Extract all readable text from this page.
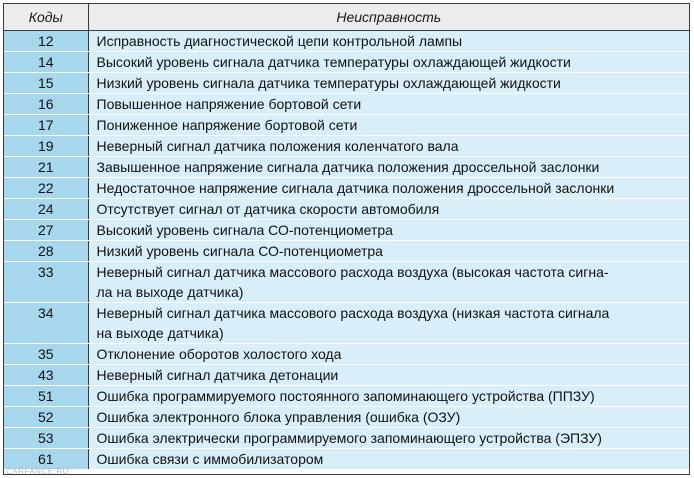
Коды	Неисправность
12	Исправность диагностической цепи контрольной лампы
14	Высокий уровень сигнала датчика температуры охлаждающей жидкости
15	Низкий уровень сигнала датчика температуры охлаждающей жидкости
16	Повышенное напряжение бортовой сети
17	Пониженное напряжение бортовой сети
19	Неверный сигнал датчика положения коленчатого вала
21	Завышенное напряжение сигнала датчика положения дроссельной заслонки
22	Недостаточное напряжение сигнала датчика положения дроссельной заслонки
24	Отсутствует сигнал от датчика скорости автомобиля
27	Высокий уровень сигнала СО-потенциометра
28	Низкий уровень сигнала СО-потенциометра
33	Неверный сигнал датчика массового расхода воздуха (высокая частота сигна-
ла на выходе датчика)
34	Неверный сигнал датчика массового расхода воздуха (низкая частота сигнала
на выходе датчика)
35	Отклонение оборотов холостого хода
43	Неверный сигнал датчика детонации
51	Ошибка программируемого постоянного запоминающего устройства (ППЗУ)
52	Ошибка электронного блока управления (ошибка (ОЗУ)
53	Ошибка электрически программируемого запоминающего устройства (ЭПЗУ)
61	Ошибка связи с иммобилизатором
CARFANCE.RU
